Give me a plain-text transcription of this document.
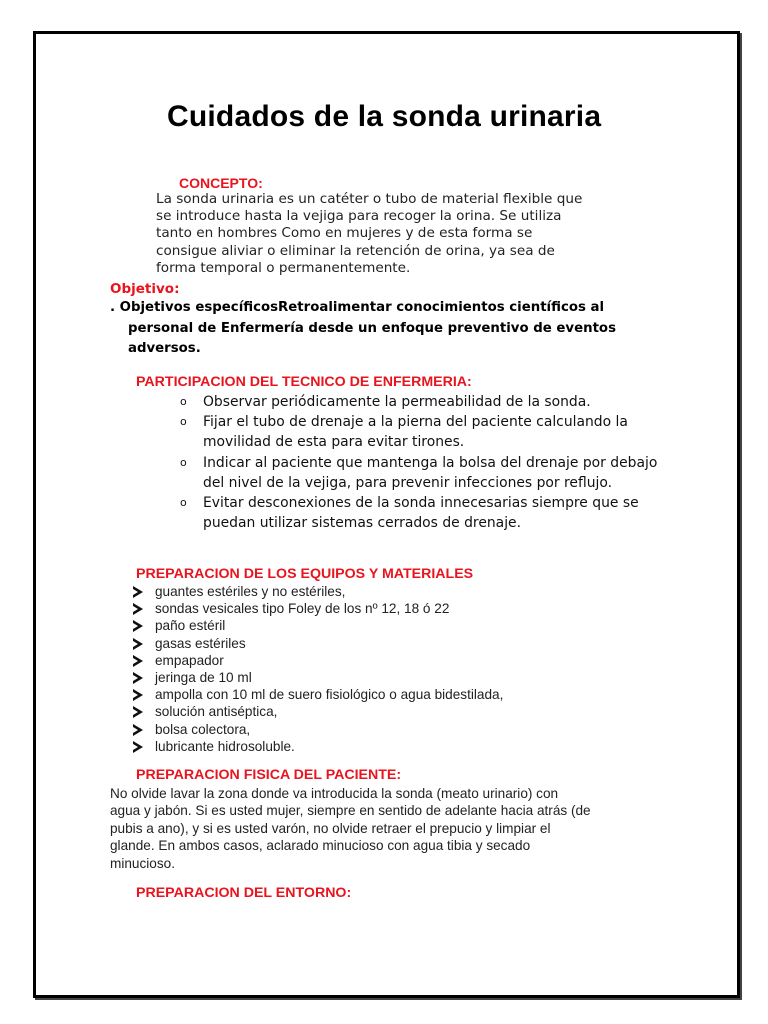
Cuidados de la sonda urinaria
CONCEPTO:
La sonda urinaria es un catéter o tubo de material flexible que
se introduce hasta la vejiga para recoger la orina. Se utiliza
tanto en hombres Como en mujeres y de esta forma se
consigue aliviar o eliminar la retención de orina, ya sea de
forma temporal o permanentemente.
Objetivo:
. Objetivos específicosRetroalimentar conocimientos científicos al
personal de Enfermería desde un enfoque preventivo de eventos
adversos.
PARTICIPACION DEL TECNICO DE ENFERMERIA:
o Observar periódicamente la permeabilidad de la sonda.
o Fijar el tubo de drenaje a la pierna del paciente calculando la movilidad de esta para evitar tirones.
o Indicar al paciente que mantenga la bolsa del drenaje por debajo del nivel de la vejiga, para prevenir infecciones por reflujo.
o Evitar desconexiones de la sonda innecesarias siempre que se puedan utilizar sistemas cerrados de drenaje.
PREPARACION DE LOS EQUIPOS Y MATERIALES
guantes estériles y no estériles,
sondas vesicales tipo Foley de los nº 12, 18 ó 22
paño estéril
gasas estériles
empapador
jeringa de 10 ml
ampolla con 10 ml de suero fisiológico o agua bidestilada,
solución antiséptica,
bolsa colectora,
lubricante hidrosoluble.
PREPARACION FISICA DEL PACIENTE:
No olvide lavar la zona donde va introducida la sonda (meato urinario) con
agua y jabón. Si es usted mujer, siempre en sentido de adelante hacia atrás (de
pubis a ano), y si es usted varón, no olvide retraer el prepucio y limpiar el
glande. En ambos casos, aclarado minucioso con agua tibia y secado
minucioso.
PREPARACION DEL ENTORNO:
